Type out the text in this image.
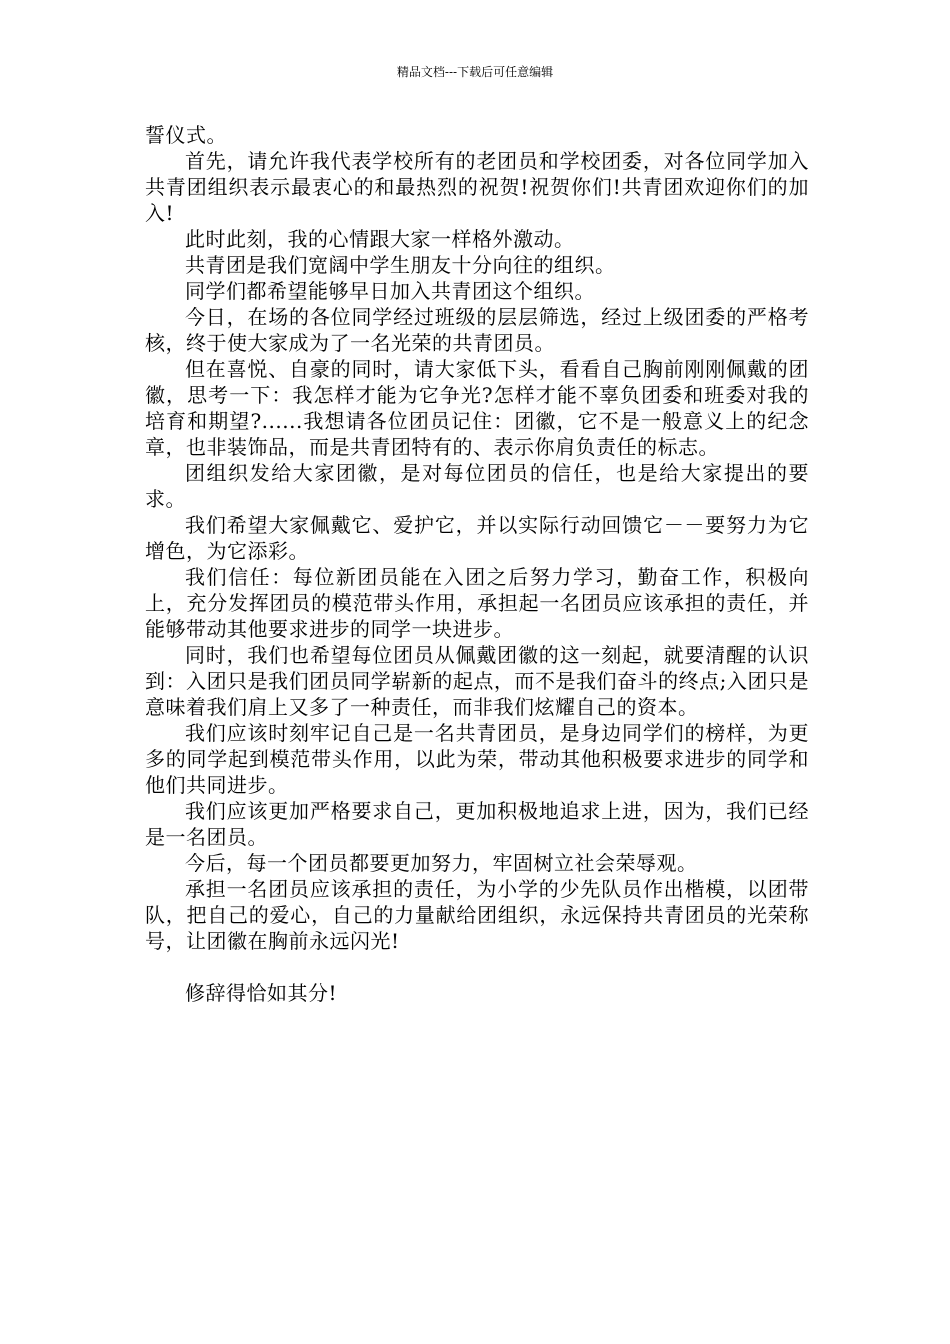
精品文档---下载后可任意编辑

誓仪式。

首先，请允许我代表学校所有的老团员和学校团委，对各位同学加入共青团组织表示最衷心的和最热烈的祝贺!祝贺你们!共青团欢迎你们的加入!

此时此刻，我的心情跟大家一样格外激动。

共青团是我们宽阔中学生朋友十分向往的组织。

同学们都希望能够早日加入共青团这个组织。

今日，在场的各位同学经过班级的层层筛选，经过上级团委的严格考核，终于使大家成为了一名光荣的共青团员。

但在喜悦、自豪的同时，请大家低下头，看看自己胸前刚刚佩戴的团徽，思考一下：我怎样才能为它争光?怎样才能不辜负团委和班委对我的培育和期望?......我想请各位团员记住：团徽，它不是一般意义上的纪念章，也非装饰品，而是共青团特有的、表示你肩负责任的标志。

团组织发给大家团徽，是对每位团员的信任，也是给大家提出的要求。

我们希望大家佩戴它、爱护它，并以实际行动回馈它－－要努力为它增色，为它添彩。

我们信任：每位新团员能在入团之后努力学习，勤奋工作，积极向上，充分发挥团员的模范带头作用，承担起一名团员应该承担的责任，并能够带动其他要求进步的同学一块进步。

同时，我们也希望每位团员从佩戴团徽的这一刻起，就要清醒的认识到：入团只是我们团员同学崭新的起点，而不是我们奋斗的终点;入团只是意味着我们肩上又多了一种责任，而非我们炫耀自己的资本。

我们应该时刻牢记自己是一名共青团员，是身边同学们的榜样，为更多的同学起到模范带头作用，以此为荣，带动其他积极要求进步的同学和他们共同进步。

我们应该更加严格要求自己，更加积极地追求上进，因为，我们已经是一名团员。

今后，每一个团员都要更加努力，牢固树立社会荣辱观。

承担一名团员应该承担的责任，为小学的少先队员作出楷模，以团带队，把自己的爱心，自己的力量献给团组织，永远保持共青团员的光荣称号，让团徽在胸前永远闪光!

修辞得恰如其分!
